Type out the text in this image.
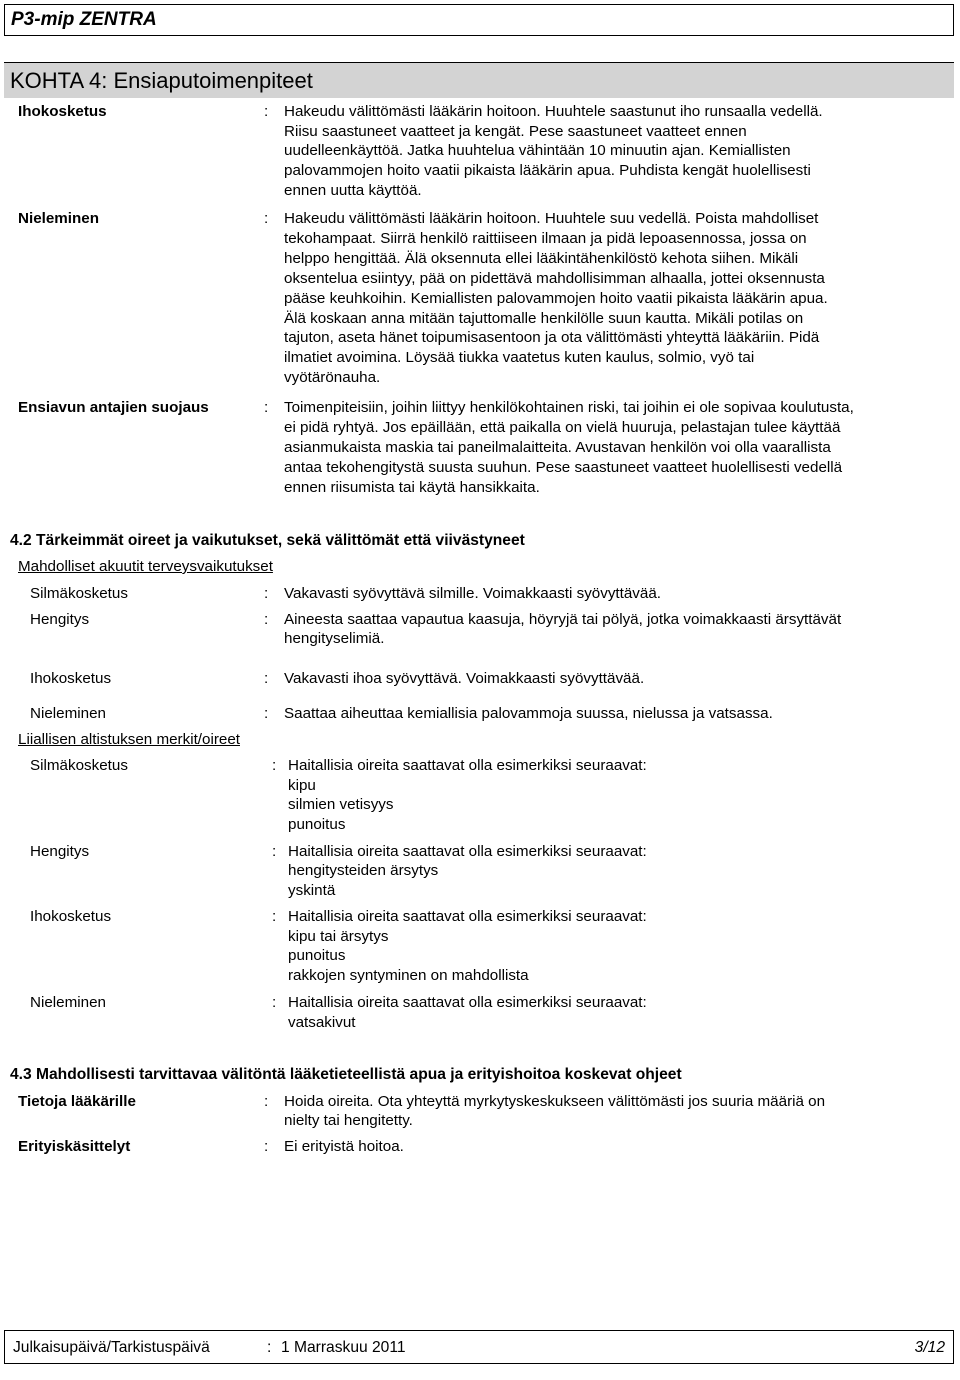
P3-mip ZENTRA
KOHTA 4: Ensiaputoimenpiteet
Ihokosketus	: Hakeudu välittömästi lääkärin hoitoon. Huuhtele saastunut iho runsaalla vedellä.
Riisu saastuneet vaatteet ja kengät. Pese saastuneet vaatteet ennen
uudelleenkäyttöä. Jatka huuhtelua vähintään 10 minuutin ajan. Kemiallisten
palovammojen hoito vaatii pikaista lääkärin apua. Puhdista kengät huolellisesti
ennen uutta käyttöä.
Nieleminen	: Hakeudu välittömästi lääkärin hoitoon. Huuhtele suu vedellä. Poista mahdolliset
tekohampaat. Siirrä henkilö raittiiseen ilmaan ja pidä lepoasennossa, jossa on
helppo hengittää. Älä oksennuta ellei lääkintähenkilöstö kehota siihen. Mikäli
oksentelua esiintyy, pää on pidettävä mahdollisimman alhaalla, jottei oksennusta
pääse keuhkoihin. Kemiallisten palovammojen hoito vaatii pikaista lääkärin apua.
Älä koskaan anna mitään tajuttomalle henkilölle suun kautta. Mikäli potilas on
tajuton, aseta hänet toipumisasentoon ja ota välittömästi yhteyttä lääkäriin. Pidä
ilmatiet avoimina. Löysää tiukka vaatetus kuten kaulus, solmio, vyö tai
vyötärönauha.
Ensiavun antajien suojaus	: Toimenpiteisiin, joihin liittyy henkilökohtainen riski, tai joihin ei ole sopivaa koulutusta,
ei pidä ryhtyä. Jos epäillään, että paikalla on vielä huuruja, pelastajan tulee käyttää
asianmukaista maskia tai paneilmalaitteita. Avustavan henkilön voi olla vaarallista
antaa tekohengitystä suusta suuhun. Pese saastuneet vaatteet huolellisesti vedellä
ennen riisumista tai käytä hansikkaita.
4.2 Tärkeimmät oireet ja vaikutukset, sekä välittömät että viivästyneet
Mahdolliset akuutit terveysvaikutukset
Silmäkosketus	: Vakavasti syövyttävä silmille. Voimakkaasti syövyttävää.
Hengitys	: Aineesta saattaa vapautua kaasuja, höyryjä tai pölyä, jotka voimakkaasti ärsyttävät
hengityselimiä.
Ihokosketus	: Vakavasti ihoa syövyttävä. Voimakkaasti syövyttävää.
Nieleminen	: Saattaa aiheuttaa kemiallisia palovammoja suussa, nielussa ja vatsassa.
Liiallisen altistuksen merkit/oireet
Silmäkosketus	: Haitallisia oireita saattavat olla esimerkiksi seuraavat:
kipu
silmien vetisyys
punoitus
Hengitys	: Haitallisia oireita saattavat olla esimerkiksi seuraavat:
hengitysteiden ärsytys
yskintä
Ihokosketus	: Haitallisia oireita saattavat olla esimerkiksi seuraavat:
kipu tai ärsytys
punoitus
rakkojen syntyminen on mahdollista
Nieleminen	: Haitallisia oireita saattavat olla esimerkiksi seuraavat:
vatsakivut
4.3 Mahdollisesti tarvittavaa välitöntä lääketieteellistä apua ja erityishoitoa koskevat ohjeet
Tietoja lääkärille	: Hoida oireita. Ota yhteyttä myrkytyskeskukseen välittömästi jos suuria määriä on
nielty tai hengitetty.
Erityiskäsittelyt	: Ei erityistä hoitoa.
Julkaisupäivä/Tarkistuspäivä	: 1 Marraskuu 2011	3/12
